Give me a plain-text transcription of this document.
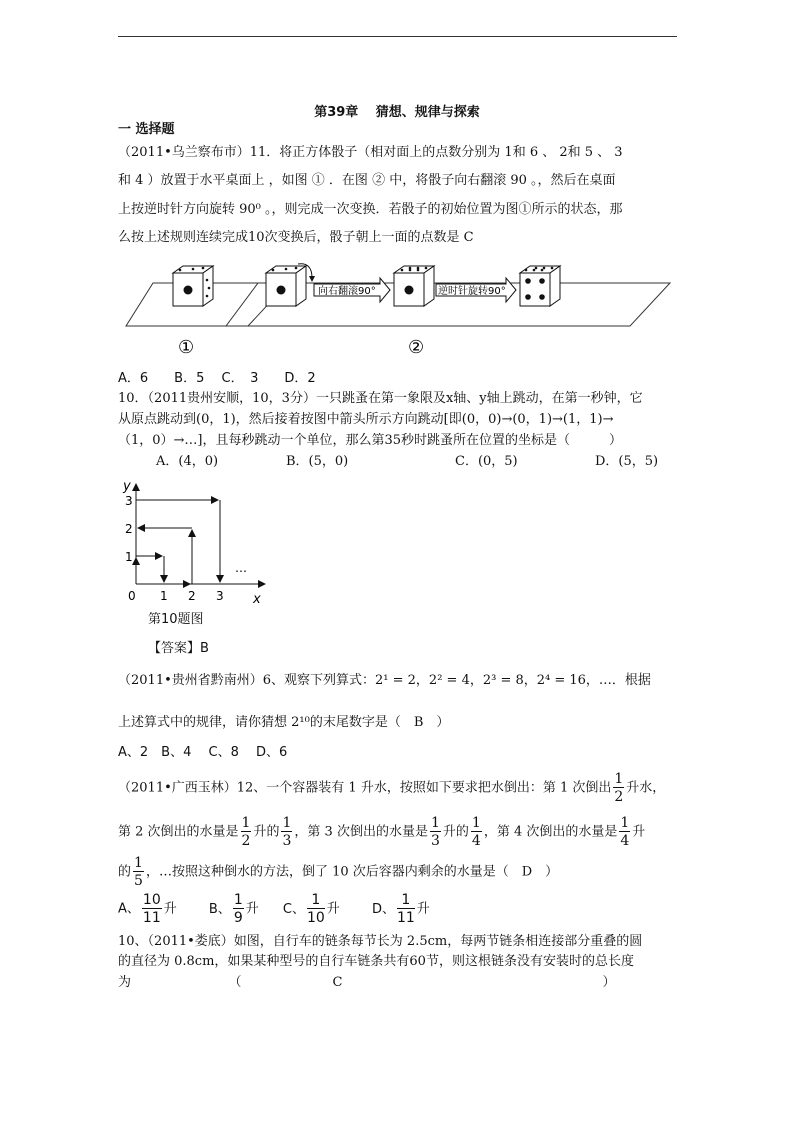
第39章　 猜想、规律与探索
一 选择题
（2011•乌兰察布市）11．将正方体骰子（相对面上的点数分别为 1和 6 、 2和 5 、 3
和 4 ）放置于水平桌面上 ，如图 ① ．在图 ② 中，将骰子向右翻滚 90 。，然后在桌面
上按逆时针方向旋转 90⁰ 。，则完成一次变换．若骰子的初始位置为图①所示的状态，那
么按上述规则连续完成10次变换后，骰子朝上一面的点数是 C
向右翻滚90°	逆时针旋转90°
①	②
A．6　　B．5　 C．　3　　D．2
10．（2011贵州安顺，10，3分）一只跳蚤在第一象限及x轴、y轴上跳动，在第一秒钟，它
从原点跳动到(0，1)，然后接着按图中箭头所示方向跳动[即(0，0)→(0，1)→(1，1)→
（1，0）→…]，且每秒跳动一个单位，那么第35秒时跳蚤所在位置的坐标是（　　　）
A．(4，0)	B．(5，0)	C．(0，5)	D．(5，5)
y
x
0 1 2 3
1
2
3
…
第10题图
【答案】B
（2011•贵州省黔南州）6、观察下列算式：2¹ = 2，2² = 4，2³ = 8，2⁴ = 16，…．根据
上述算式中的规律，请你猜想 2¹⁰的末尾数字是（　B　）
A、2　B、4　 C、8　 D、6
（2011•广西玉林）12、一个容器装有 1 升水，按照如下要求把水倒出：第 1 次倒出 $\frac{1}{2}$ 升水，
第 2 次倒出的水量是 $\frac{1}{2}$ 升的 $\frac{1}{3}$ ，第 3 次倒出的水量是 $\frac{1}{3}$ 升的 $\frac{1}{4}$ ，第 4 次倒出的水量是 $\frac{1}{4}$ 升
的 $\frac{1}{5}$ ，…按照这种倒水的方法，倒了 10 次后容器内剩余的水量是（　D　）
A、 $\frac{10}{11}$ 升 B、 $\frac{1}{9}$ 升 C、 $\frac{1}{10}$ 升 D、 $\frac{1}{11}$ 升
10、（2011•娄底）如图，自行车的链条每节长为 2.5cm，每两节链条相连接部分重叠的圆
的直径为 0.8cm，如果某种型号的自行车链条共有60节，则这根链条没有安装时的总长度
为　　　　　　　　（　　　　　　　C　　　　　　　　　　　　　　　　　　　　）
